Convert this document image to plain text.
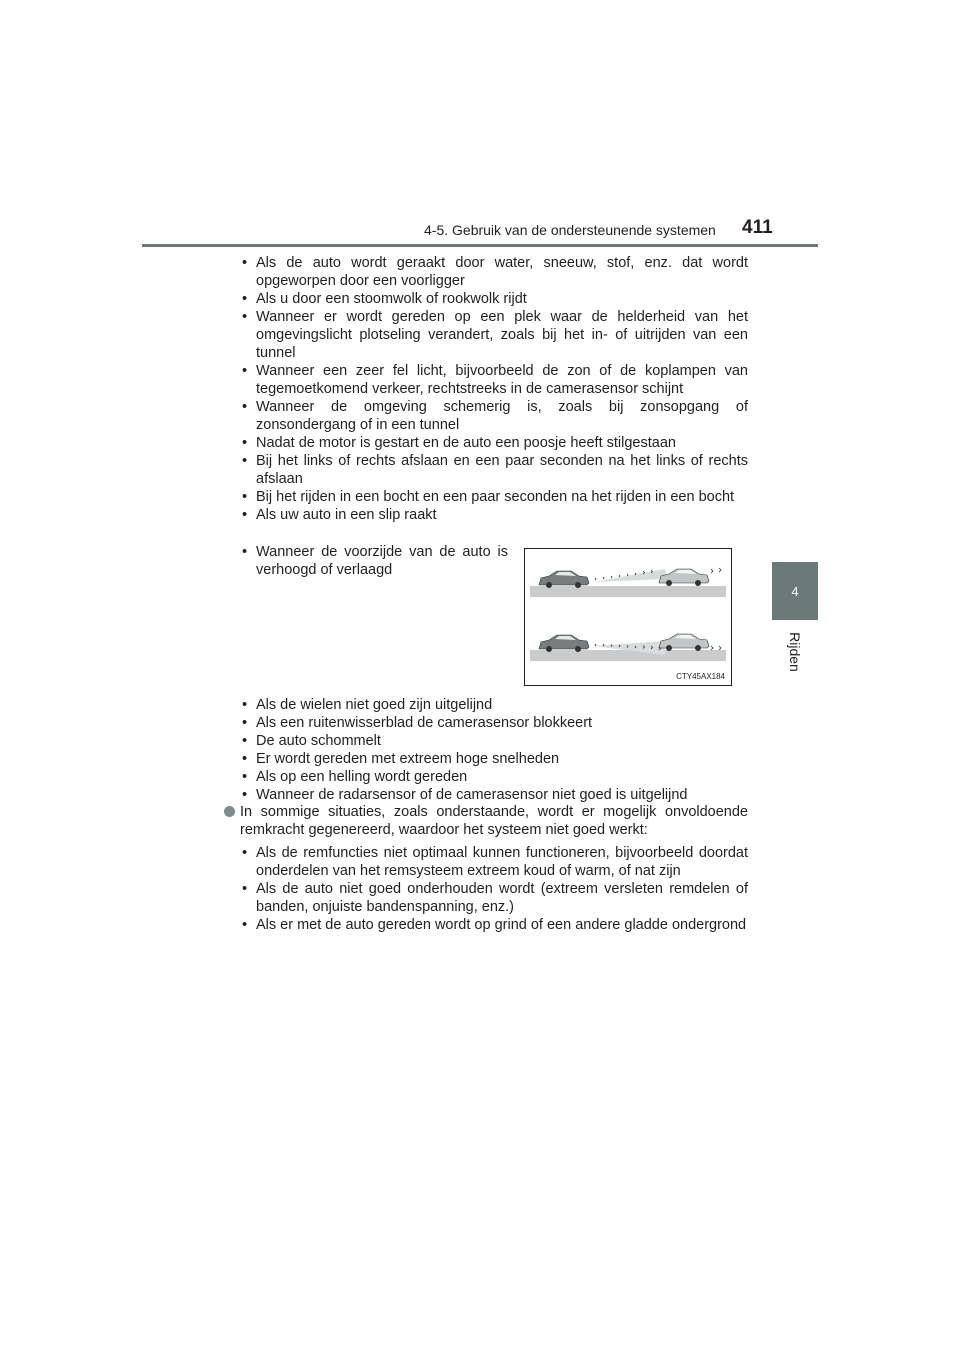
4-5. Gebruik van de ondersteunende systemen 411
4
Rijden
• Als de auto wordt geraakt door water, sneeuw, stof, enz. dat wordt opgeworpen door een voorligger
• Als u door een stoomwolk of rookwolk rijdt
• Wanneer er wordt gereden op een plek waar de helderheid van het omgevingslicht plotseling verandert, zoals bij het in- of uitrijden van een tunnel
• Wanneer een zeer fel licht, bijvoorbeeld de zon of de koplampen van tegemoetkomend verkeer, rechtstreeks in de camerasensor schijnt
• Wanneer de omgeving schemerig is, zoals bij zonsopgang of zonsondergang of in een tunnel
• Nadat de motor is gestart en de auto een poosje heeft stilgestaan
• Bij het links of rechts afslaan en een paar seconden na het links of rechts afslaan
• Bij het rijden in een bocht en een paar seconden na het rijden in een bocht
• Als uw auto in een slip raakt
• Wanneer de voorzijde van de auto is verhoogd of verlaagd
CTY45AX184
• Als de wielen niet goed zijn uitgelijnd
• Als een ruitenwisserblad de camerasensor blokkeert
• De auto schommelt
• Er wordt gereden met extreem hoge snelheden
• Als op een helling wordt gereden
• Wanneer de radarsensor of de camerasensor niet goed is uitgelijnd
In sommige situaties, zoals onderstaande, wordt er mogelijk onvoldoende remkracht gegenereerd, waardoor het systeem niet goed werkt:
• Als de remfuncties niet optimaal kunnen functioneren, bijvoorbeeld doordat onderdelen van het remsysteem extreem koud of warm, of nat zijn
• Als de auto niet goed onderhouden wordt (extreem versleten remdelen of banden, onjuiste bandenspanning, enz.)
• Als er met de auto gereden wordt op grind of een andere gladde ondergrond
